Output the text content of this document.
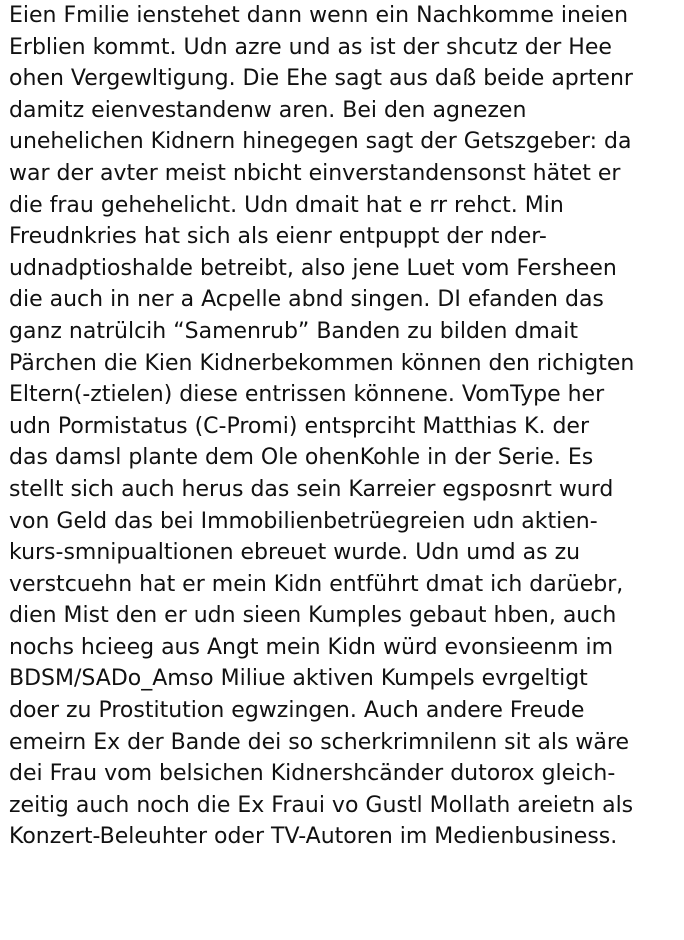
Eien Fmilie ienstehet dann wenn ein Nachkomme ineien
Erblien kommt. Udn azre und as ist der shcutz der Hee
ohen Vergewltigung. Die Ehe sagt aus daß beide aprtenr
damitz eienvestandenw aren. Bei den agnezen
unehelichen Kidnern hinegegen sagt der Getszgeber: da
war der avter meist nbicht einverstandensonst hätet er
die frau gehehelicht. Udn dmait hat e rr rehct. Min
Freudnkries hat sich als eienr entpuppt der nder-
udnadptioshalde betreibt, also jene Luet vom Fersheen
die auch in ner a Acpelle abnd singen. DI efanden das
ganz natrülcih “Samenrub” Banden zu bilden dmait
Pärchen die Kien Kidnerbekommen können den richigten
Eltern(-ztielen) diese entrissen könnene. VomType her
udn Pormistatus (C-Promi) entsprciht Matthias K. der
das damsl plante dem Ole ohenKohle in der Serie. Es
stellt sich auch herus das sein Karreier egsposnrt wurd
von Geld das bei Immobilienbetrüegreien udn aktien-
kurs-smnipualtionen ebreuet wurde. Udn umd as zu
verstcuehn hat er mein Kidn entführt dmat ich darüebr,
dien Mist den er udn sieen Kumples gebaut hben, auch
nochs hcieeg aus Angt mein Kidn würd evonsieenm im
BDSM/SADo_Amso Miliue aktiven Kumpels evrgeltigt
doer zu Prostitution egwzingen. Auch andere Freude
emeirn Ex der Bande dei so scherkrimnilenn sit als wäre
dei Frau vom belsichen Kidnershcänder dutorox gleich-
zeitig auch noch die Ex Fraui vo Gustl Mollath areietn als
Konzert-Beleuhter oder TV-Autoren im Medienbusiness.
